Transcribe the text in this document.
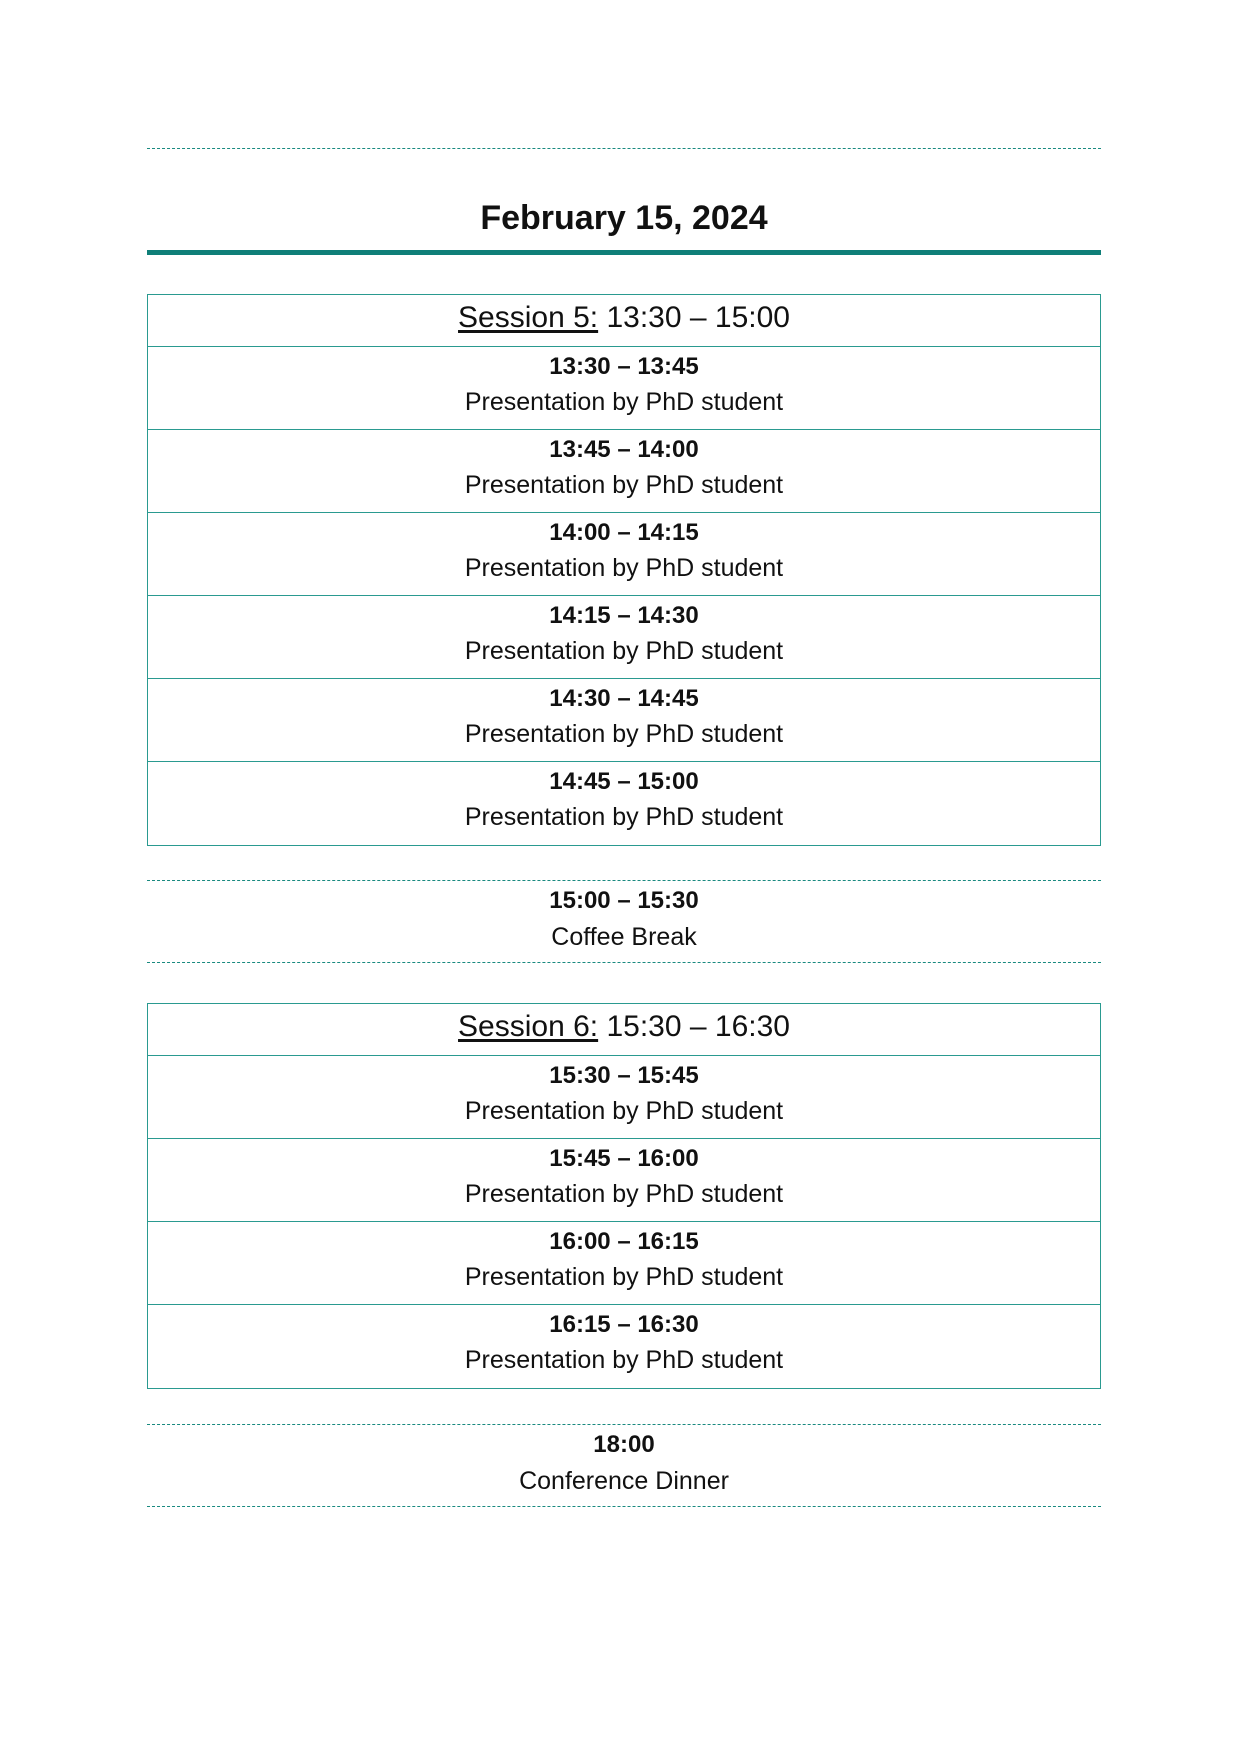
February 15, 2024
Session 5: 13:30 – 15:00
13:30 – 13:45
Presentation by PhD student
13:45 – 14:00
Presentation by PhD student
14:00 – 14:15
Presentation by PhD student
14:15 – 14:30
Presentation by PhD student
14:30 – 14:45
Presentation by PhD student
14:45 – 15:00
Presentation by PhD student
15:00 – 15:30
Coffee Break
Session 6: 15:30 – 16:30
15:30 – 15:45
Presentation by PhD student
15:45 – 16:00
Presentation by PhD student
16:00 – 16:15
Presentation by PhD student
16:15 – 16:30
Presentation by PhD student
18:00
Conference Dinner
